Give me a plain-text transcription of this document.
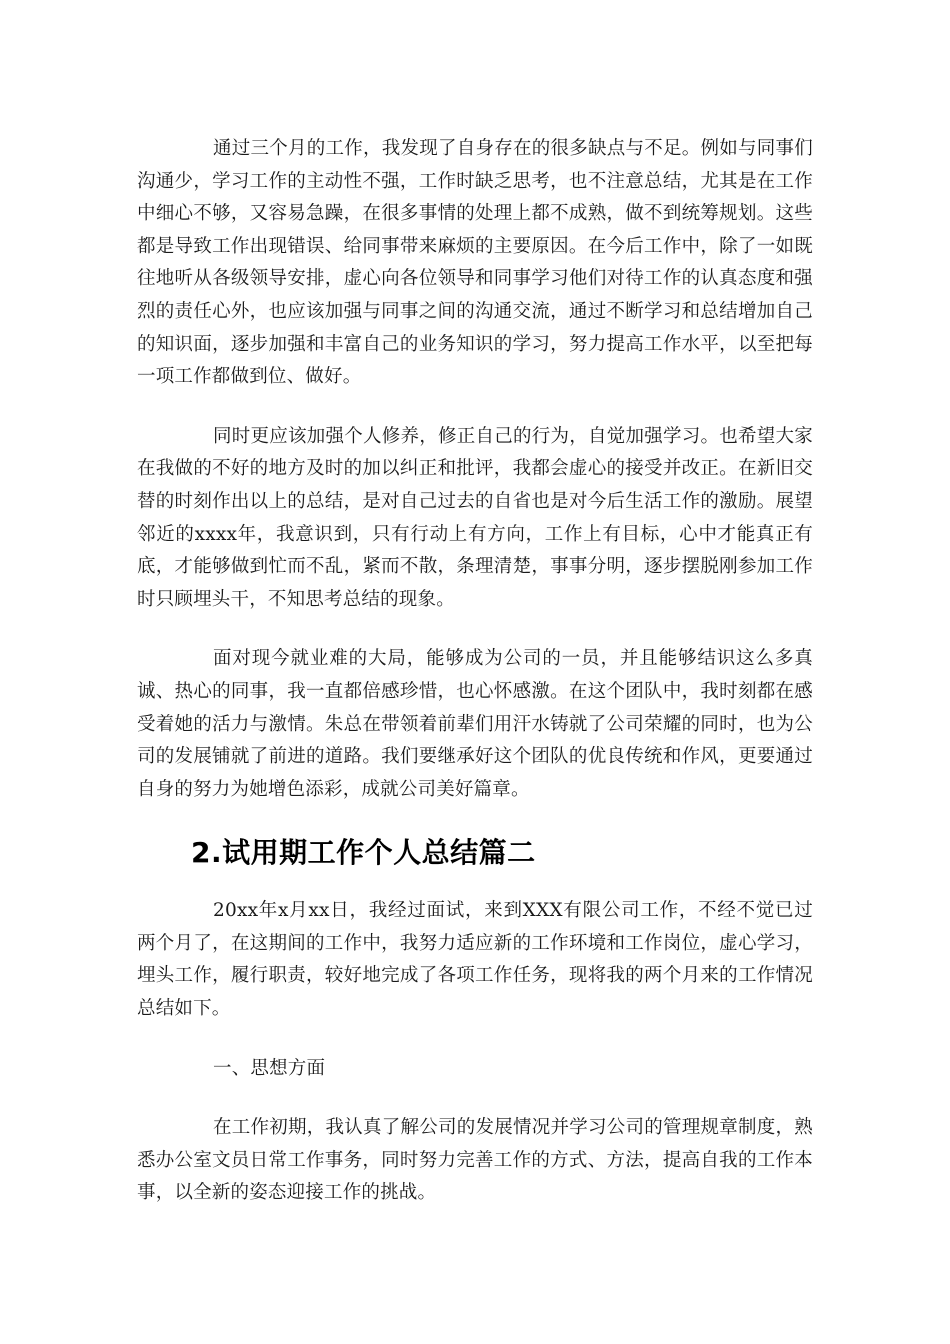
通过三个月的工作，我发现了自身存在的很多缺点与不足。例如与同事们沟通少，学习工作的主动性不强，工作时缺乏思考，也不注意总结，尤其是在工作中细心不够，又容易急躁，在很多事情的处理上都不成熟，做不到统筹规划。这些都是导致工作出现错误、给同事带来麻烦的主要原因。在今后工作中，除了一如既往地听从各级领导安排，虚心向各位领导和同事学习他们对待工作的认真态度和强烈的责任心外，也应该加强与同事之间的沟通交流，通过不断学习和总结增加自己的知识面，逐步加强和丰富自己的业务知识的学习，努力提高工作水平，以至把每一项工作都做到位、做好。

同时更应该加强个人修养，修正自己的行为，自觉加强学习。也希望大家在我做的不好的地方及时的加以纠正和批评，我都会虚心的接受并改正。在新旧交替的时刻作出以上的总结，是对自己过去的自省也是对今后生活工作的激励。展望邻近的xxxx年，我意识到，只有行动上有方向，工作上有目标，心中才能真正有底，才能够做到忙而不乱，紧而不散，条理清楚，事事分明，逐步摆脱刚参加工作时只顾埋头干，不知思考总结的现象。

面对现今就业难的大局，能够成为公司的一员，并且能够结识这么多真诚、热心的同事，我一直都倍感珍惜，也心怀感激。在这个团队中，我时刻都在感受着她的活力与激情。朱总在带领着前辈们用汗水铸就了公司荣耀的同时，也为公司的发展铺就了前进的道路。我们要继承好这个团队的优良传统和作风，更要通过自身的努力为她增色添彩，成就公司美好篇章。

2.试用期工作个人总结篇二

20xx年x月xx日，我经过面试，来到XXX有限公司工作，不经不觉已过两个月了，在这期间的工作中，我努力适应新的工作环境和工作岗位，虚心学习，埋头工作，履行职责，较好地完成了各项工作任务，现将我的两个月来的工作情况总结如下。

一、思想方面

在工作初期，我认真了解公司的发展情况并学习公司的管理规章制度，熟悉办公室文员日常工作事务，同时努力完善工作的方式、方法，提高自我的工作本事，以全新的姿态迎接工作的挑战。
